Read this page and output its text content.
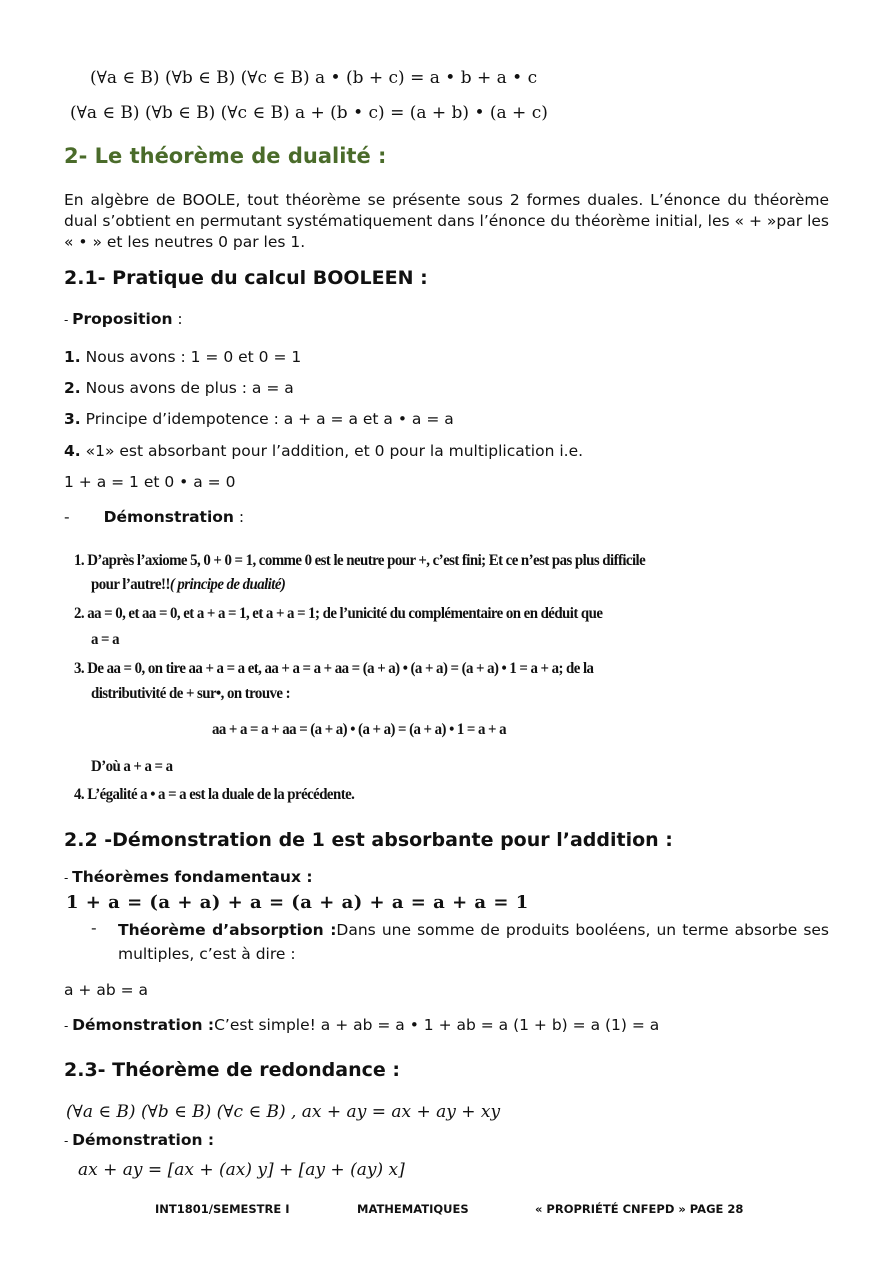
(∀a ∈ B) (∀b ∈ B) (∀c ∈ B) a • (b + c) = a • b + a • c
(∀a ∈ B) (∀b ∈ B) (∀c ∈ B) a + (b • c) = (a + b) • (a + c)
2- Le théorème de dualité :
En algèbre de BOOLE, tout théorème se présente sous 2 formes duales. L’énonce du théorème dual s’obtient en permutant systématiquement dans l’énonce du théorème initial, les « + »par les « • » et les neutres 0 par les 1.
2.1- Pratique du calcul BOOLEEN :
- Proposition :
1. Nous avons : 1 = 0 et 0 = 1
2. Nous avons de plus : a = a
3. Principe d’idempotence : a + a = a et a • a = a
4. «1» est absorbant pour l’addition, et 0 pour la multiplication i.e.
1 + a = 1 et 0 • a = 0
- Démonstration :
1. D’après l’axiome 5, 0 + 0 = 1, comme 0 est le neutre pour +, c’est fini; Et ce n’est pas plus difficile
pour l’autre!!( principe de dualité)
2. aa = 0, et aa = 0, et a + a = 1, et a + a = 1; de l’unicité du complémentaire on en déduit que
a = a
3. De aa = 0, on tire aa + a = a et, aa + a = a + aa = (a + a) • (a + a) = (a + a) • 1 = a + a; de la
distributivité de + sur•, on trouve :
aa + a = a + aa = (a + a) • (a + a) = (a + a) • 1 = a + a
D’où a + a = a
4. L’égalité a • a = a est la duale de la précédente.
2.2 -Démonstration de 1 est absorbante pour l’addition :
- Théorèmes fondamentaux :
1 + a = (a + a) + a = (a + a) + a = a + a = 1
- Théorème d’absorption :Dans une somme de produits booléens, un terme absorbe ses multiples, c’est à dire :
a + ab = a
- Démonstration :C’est simple! a + ab = a • 1 + ab = a (1 + b) = a (1) = a
2.3- Théorème de redondance :
(∀a ∈ B) (∀b ∈ B) (∀c ∈ B) , ax + ay = ax + ay + xy
- Démonstration :
ax + ay = [ax + (ax) y] + [ay + (ay) x]
INT1801/SEMESTRE I	MATHEMATIQUES	« PROPRIÉTÉ CNFEPD » PAGE 28
